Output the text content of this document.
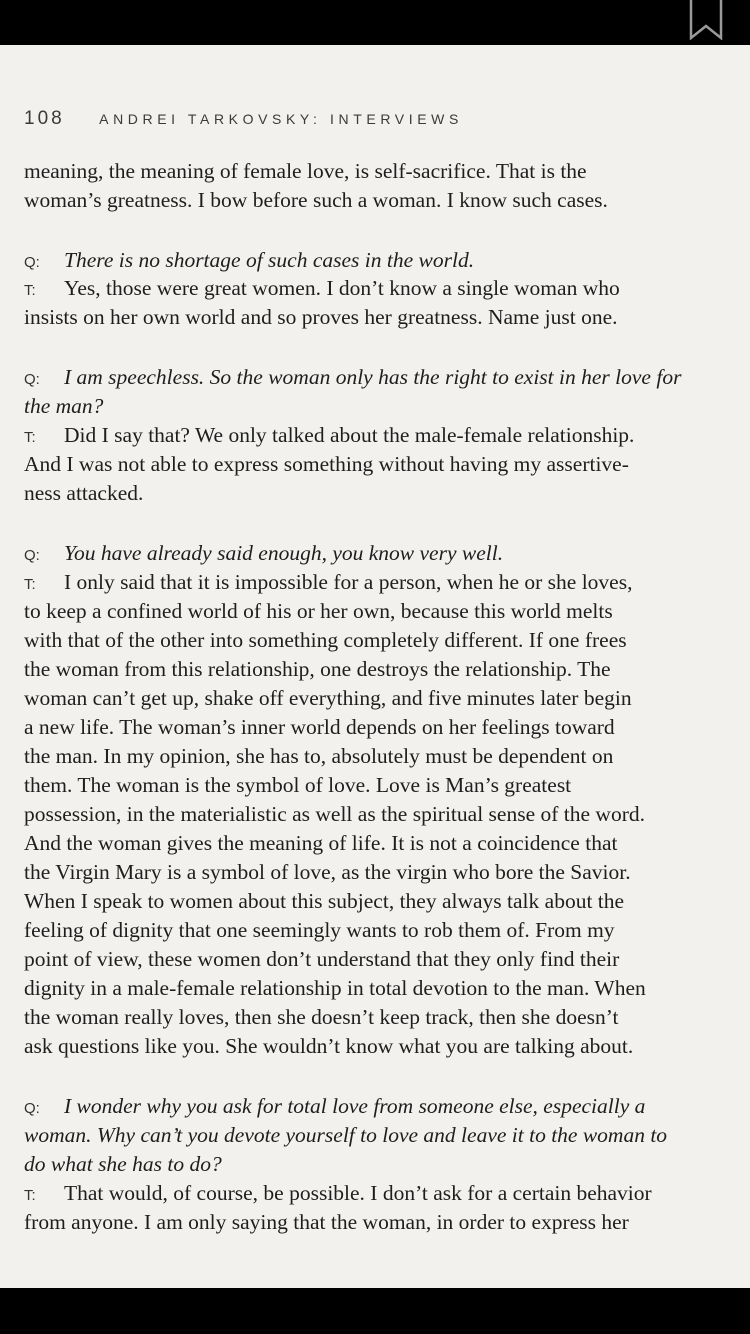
108 ANDREI TARKOVSKY: INTERVIEWS
meaning, the meaning of female love, is self-sacrifice. That is the
woman’s greatness. I bow before such a woman. I know such cases.
Q: There is no shortage of such cases in the world.
T: Yes, those were great women. I don’t know a single woman who
insists on her own world and so proves her greatness. Name just one.
Q: I am speechless. So the woman only has the right to exist in her love for
the man?
T: Did I say that? We only talked about the male-female relationship.
And I was not able to express something without having my assertive-
ness attacked.
Q: You have already said enough, you know very well.
T: I only said that it is impossible for a person, when he or she loves,
to keep a confined world of his or her own, because this world melts
with that of the other into something completely different. If one frees
the woman from this relationship, one destroys the relationship. The
woman can’t get up, shake off everything, and five minutes later begin
a new life. The woman’s inner world depends on her feelings toward
the man. In my opinion, she has to, absolutely must be dependent on
them. The woman is the symbol of love. Love is Man’s greatest
possession, in the materialistic as well as the spiritual sense of the word.
And the woman gives the meaning of life. It is not a coincidence that
the Virgin Mary is a symbol of love, as the virgin who bore the Savior.
When I speak to women about this subject, they always talk about the
feeling of dignity that one seemingly wants to rob them of. From my
point of view, these women don’t understand that they only find their
dignity in a male-female relationship in total devotion to the man. When
the woman really loves, then she doesn’t keep track, then she doesn’t
ask questions like you. She wouldn’t know what you are talking about.
Q: I wonder why you ask for total love from someone else, especially a
woman. Why can’t you devote yourself to love and leave it to the woman to
do what she has to do?
T: That would, of course, be possible. I don’t ask for a certain behavior
from anyone. I am only saying that the woman, in order to express her
